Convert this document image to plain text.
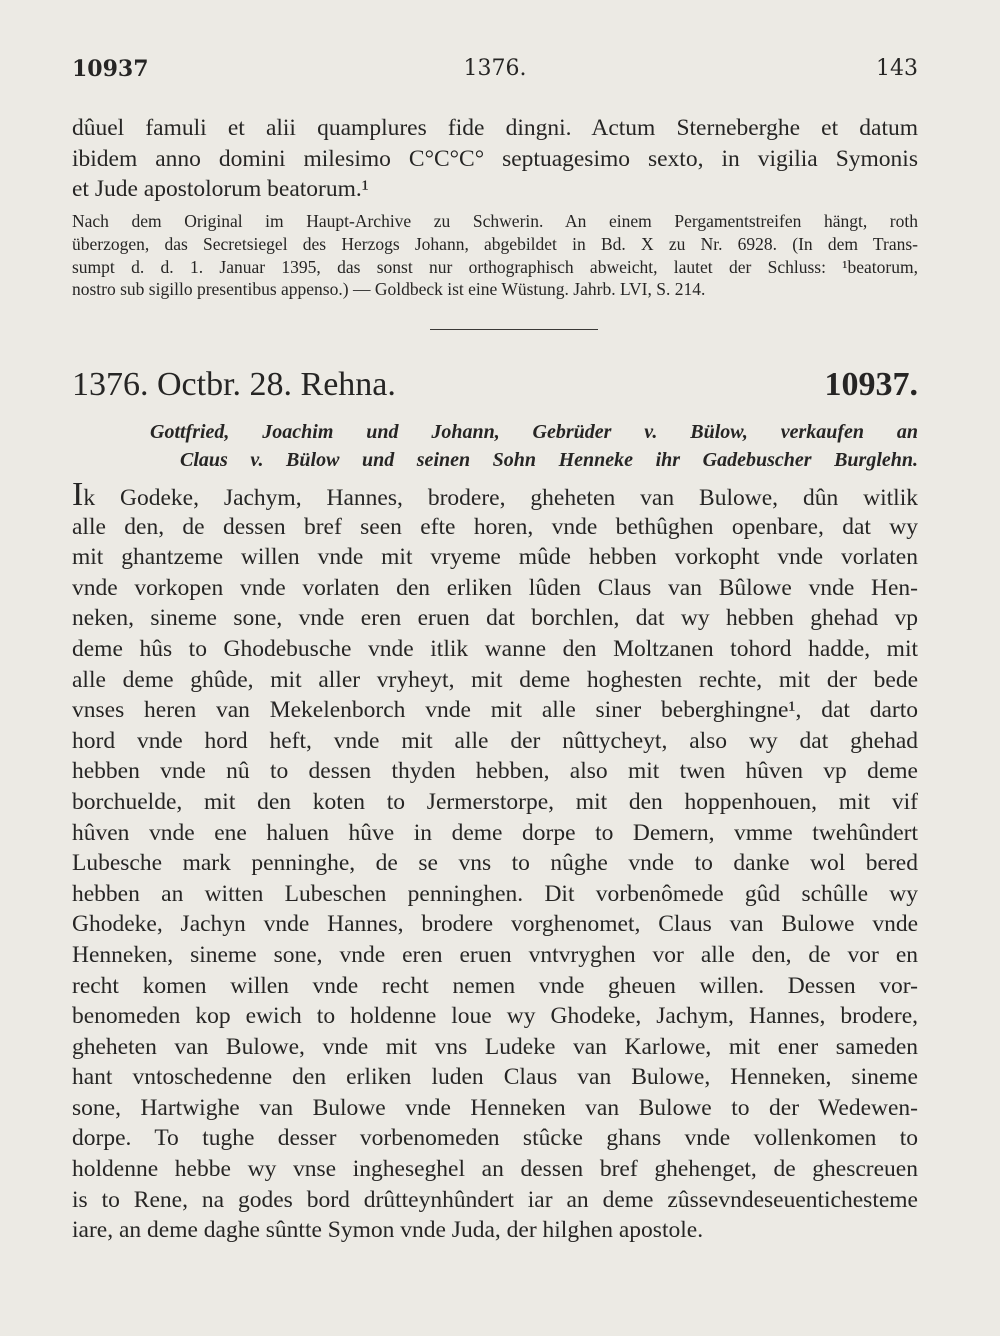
10937	1376.	143
dûuel famuli et alii quamplures fide dingni. Actum Sterneberghe et datum
ibidem anno domini milesimo C°C°C° septuagesimo sexto, in vigilia Symonis
et Jude apostolorum beatorum.¹
Nach dem Original im Haupt-Archive zu Schwerin. An einem Pergamentstreifen hängt, roth
überzogen, das Secretsiegel des Herzogs Johann, abgebildet in Bd. X zu Nr. 6928. (In dem Trans-
sumpt d. d. 1. Januar 1395, das sonst nur orthographisch abweicht, lautet der Schluss: ¹beatorum,
nostro sub sigillo presentibus appenso.) — Goldbeck ist eine Wüstung. Jahrb. LVI, S. 214.
1376. Octbr. 28. Rehna.	10937.
Gottfried, Joachim und Johann, Gebrüder v. Bülow, verkaufen an
Claus v. Bülow und seinen Sohn Henneke ihr Gadebuscher Burglehn.
Ik Godeke, Jachym, Hannes, brodere, gheheten van Bulowe, dûn witlik
alle den, de dessen bref seen efte horen, vnde bethûghen openbare, dat wy
mit ghantzeme willen vnde mit vryeme mûde hebben vorkopht vnde vorlaten
vnde vorkopen vnde vorlaten den erliken lûden Claus van Bûlowe vnde Hen-
neken, sineme sone, vnde eren eruen dat borchlen, dat wy hebben ghehad vp
deme hûs to Ghodebusche vnde itlik wanne den Moltzanen tohord hadde, mit
alle deme ghûde, mit aller vryheyt, mit deme hoghesten rechte, mit der bede
vnses heren van Mekelenborch vnde mit alle siner beberghingne¹, dat darto
hord vnde hord heft, vnde mit alle der nûttycheyt, also wy dat ghehad
hebben vnde nû to dessen thyden hebben, also mit twen hûven vp deme
borchuelde, mit den koten to Jermerstorpe, mit den hoppenhouen, mit vif
hûven vnde ene haluen hûve in deme dorpe to Demern, vmme twehûndert
Lubesche mark penninghe, de se vns to nûghe vnde to danke wol bered
hebben an witten Lubeschen penninghen. Dit vorbenômede gûd schûlle wy
Ghodeke, Jachyn vnde Hannes, brodere vorghenomet, Claus van Bulowe vnde
Henneken, sineme sone, vnde eren eruen vntvryghen vor alle den, de vor en
recht komen willen vnde recht nemen vnde gheuen willen. Dessen vor-
benomeden kop ewich to holdenne loue wy Ghodeke, Jachym, Hannes, brodere,
gheheten van Bulowe, vnde mit vns Ludeke van Karlowe, mit ener sameden
hant vntoschedenne den erliken luden Claus van Bulowe, Henneken, sineme
sone, Hartwighe van Bulowe vnde Henneken van Bulowe to der Wedewen-
dorpe. To tughe desser vorbenomeden stûcke ghans vnde vollenkomen to
holdenne hebbe wy vnse ingheseghel an dessen bref ghehenget, de ghescreuen
is to Rene, na godes bord drûtteynhûndert iar an deme zûssevndeseuentichesteme
iare, an deme daghe sûntte Symon vnde Juda, der hilghen apostole.
